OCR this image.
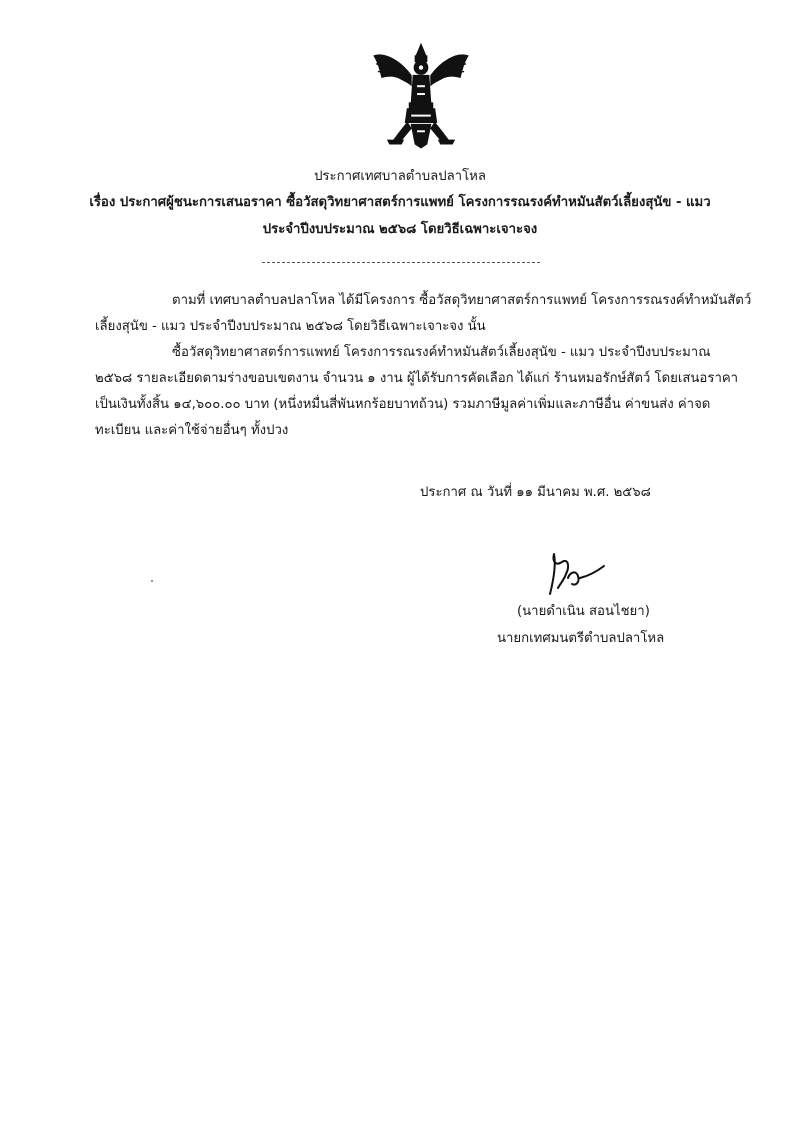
ประกาศเทศบาลตำบลปลาโหล
เรื่อง ประกาศผู้ชนะการเสนอราคา ซื้อวัสดุวิทยาศาสตร์การแพทย์ โครงการรณรงค์ทำหมันสัตว์เลี้ยงสุนัข - แมว
ประจำปีงบประมาณ ๒๕๖๘ โดยวิธีเฉพาะเจาะจง
ตามที่ เทศบาลตำบลปลาโหล ได้มีโครงการ ซื้อวัสดุวิทยาศาสตร์การแพทย์ โครงการรณรงค์ทำหมันสัตว์
เลี้ยงสุนัข - แมว ประจำปีงบประมาณ ๒๕๖๘ โดยวิธีเฉพาะเจาะจง นั้น
ซื้อวัสดุวิทยาศาสตร์การแพทย์ โครงการรณรงค์ทำหมันสัตว์เลี้ยงสุนัข - แมว ประจำปีงบประมาณ
๒๕๖๘ รายละเอียดตามร่างขอบเขตงาน จำนวน ๑ งาน ผู้ได้รับการคัดเลือก ได้แก่ ร้านหมอรักษ์สัตว์ โดยเสนอราคา
เป็นเงินทั้งสิ้น ๑๔,๖๐๐.๐๐ บาท (หนึ่งหมื่นสี่พันหกร้อยบาทถ้วน) รวมภาษีมูลค่าเพิ่มและภาษีอื่น ค่าขนส่ง ค่าจด
ทะเบียน และค่าใช้จ่ายอื่นๆ ทั้งปวง
ประกาศ ณ วันที่ ๑๑ มีนาคม พ.ศ. ๒๕๖๘
(นายดำเนิน สอนไชยา)
นายกเทศมนตรีตำบลปลาโหล
